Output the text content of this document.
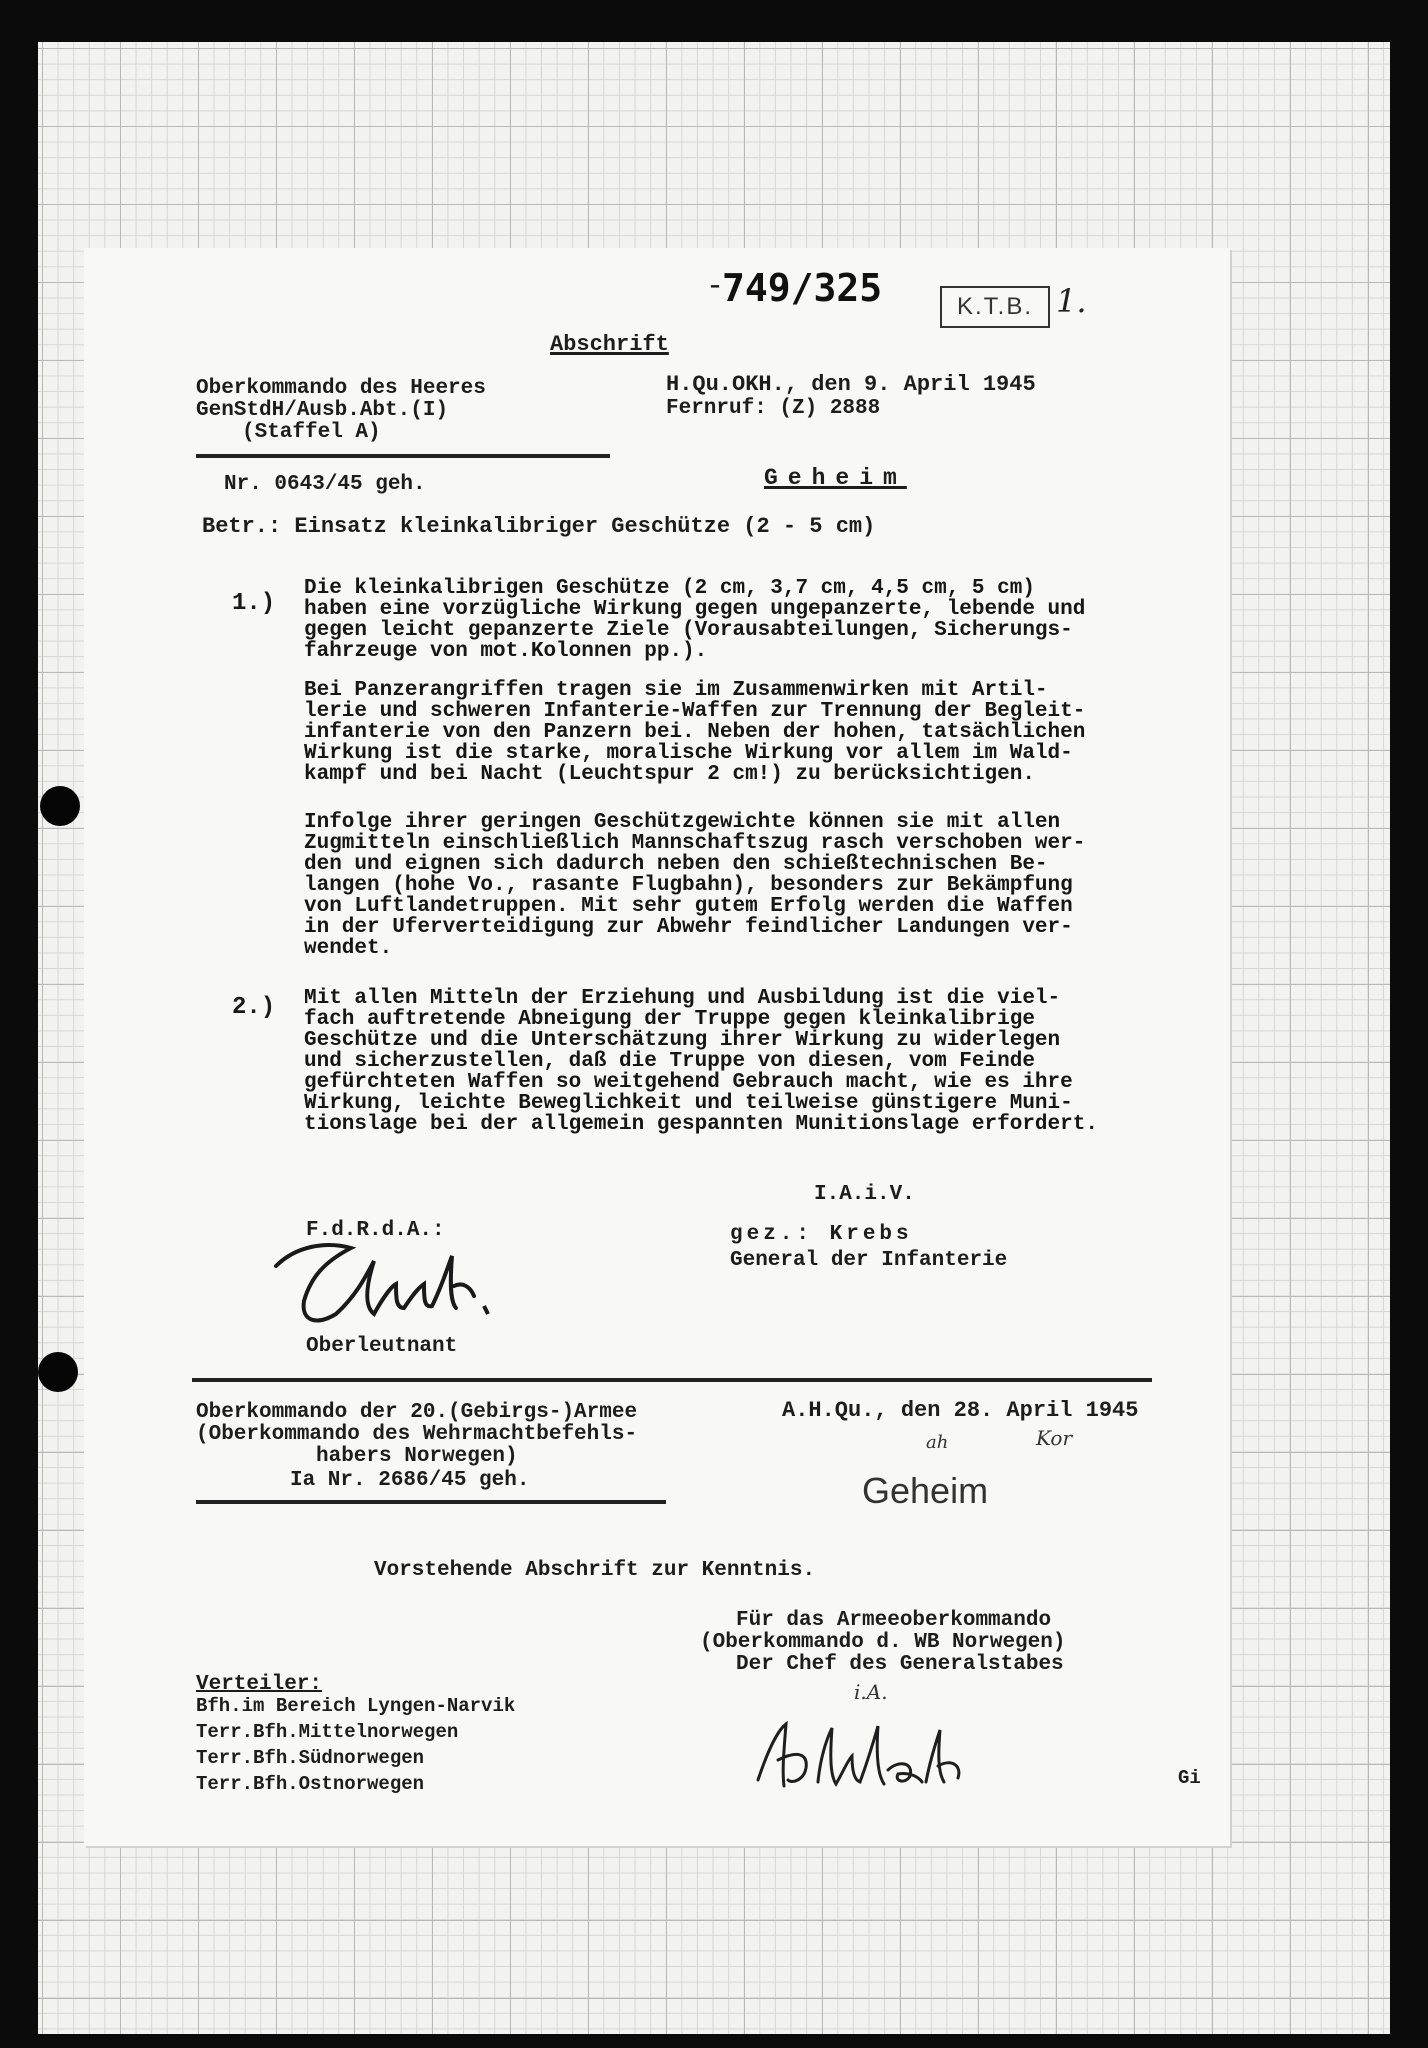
-
749/325	K.T.B. 1.
Abschrift
Oberkommando des Heeres
GenStdH/Ausb.Abt.(I)
(Staffel A)
H.Qu.OKH., den 9. April 1945
Fernruf: (Z) 2888
Nr. 0643/45 geh.	Geheim
Betr.: Einsatz kleinkalibriger Geschütze (2 - 5 cm)
1.)
Die kleinkalibrigen Geschütze (2 cm, 3,7 cm, 4,5 cm, 5 cm)
haben eine vorzügliche Wirkung gegen ungepanzerte, lebende und
gegen leicht gepanzerte Ziele (Vorausabteilungen, Sicherungs-
fahrzeuge von mot.Kolonnen pp.).
Bei Panzerangriffen tragen sie im Zusammenwirken mit Artil-
lerie und schweren Infanterie-Waffen zur Trennung der Begleit-
infanterie von den Panzern bei. Neben der hohen, tatsächlichen
Wirkung ist die starke, moralische Wirkung vor allem im Wald-
kampf und bei Nacht (Leuchtspur 2 cm!) zu berücksichtigen.
Infolge ihrer geringen Geschützgewichte können sie mit allen
Zugmitteln einschließlich Mannschaftszug rasch verschoben wer-
den und eignen sich dadurch neben den schießtechnischen Be-
langen (hohe Vo., rasante Flugbahn), besonders zur Bekämpfung
von Luftlandetruppen. Mit sehr gutem Erfolg werden die Waffen
in der Uferverteidigung zur Abwehr feindlicher Landungen ver-
wendet.
2.) Mit allen Mitteln der Erziehung und Ausbildung ist die viel-
fach auftretende Abneigung der Truppe gegen kleinkalibrige
Geschütze und die Unterschätzung ihrer Wirkung zu widerlegen
und sicherzustellen, daß die Truppe von diesen, vom Feinde
gefürchteten Waffen so weitgehend Gebrauch macht, wie es ihre
Wirkung, leichte Beweglichkeit und teilweise günstigere Muni-
tionslage bei der allgemein gespannten Munitionslage erfordert.
I.A.i.V.
gez.: Krebs
General der Infanterie
F.d.R.d.A.:
Oberleutnant
Oberkommando der 20.(Gebirgs-)Armee
(Oberkommando des Wehrmachtbefehls-
habers Norwegen)
Ia Nr. 2686/45 geh.
A.H.Qu., den 28. April 1945
ah	Kor
Geheim
Vorstehende Abschrift zur Kenntnis.
Für das Armeeoberkommando
(Oberkommando d. WB Norwegen)
Der Chef des Generalstabes
i.A.
Gi
Verteiler:
Bfh.im Bereich Lyngen-Narvik
Terr.Bfh.Mittelnorwegen
Terr.Bfh.Südnorwegen
Terr.Bfh.Ostnorwegen
